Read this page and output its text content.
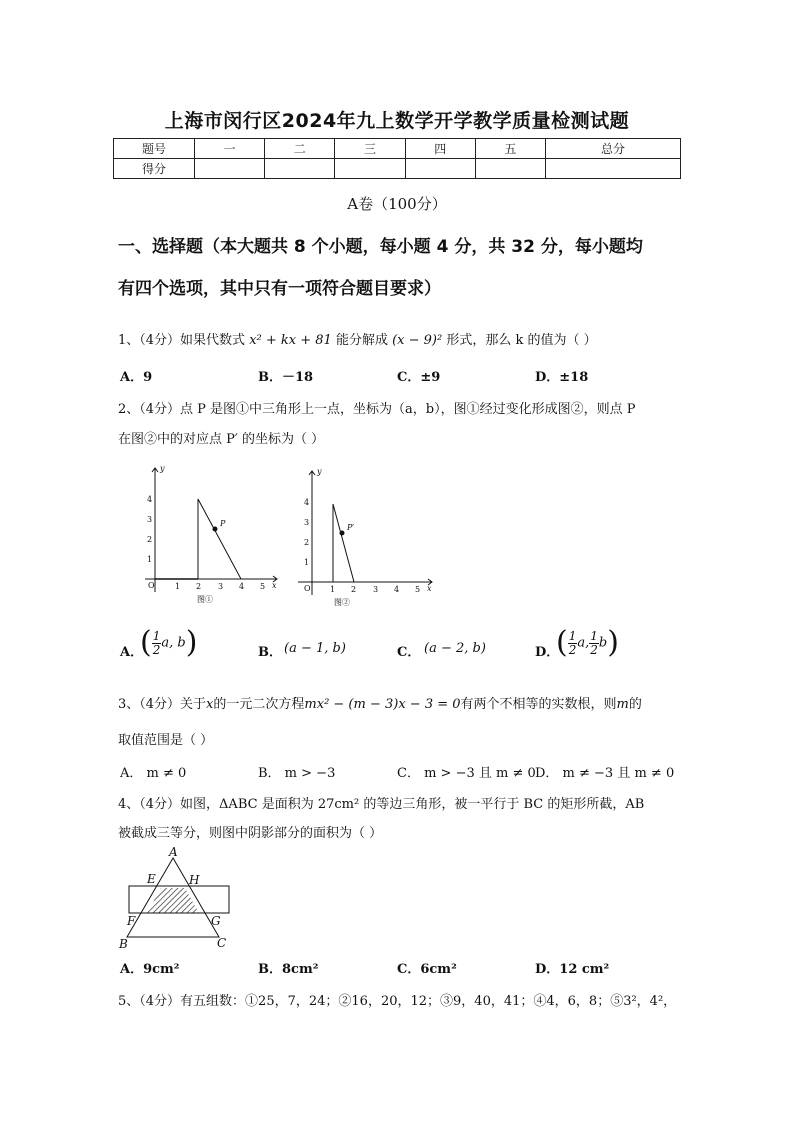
上海市闵行区2024年九上数学开学教学质量检测试题
题号	一	二	三	四	五	总分
得分						
A卷（100分）
一、选择题（本大题共 8 个小题，每小题 4 分，共 32 分，每小题均
有四个选项，其中只有一项符合题目要求）
1、（4分）如果代数式 x² + kx + 81 能分解成 (x − 9)² 形式，那么 k 的值为（ ）
A．9	B．－18	C．±9	D．±18
2、（4分）点 P 是图①中三角形上一点，坐标为（a，b），图①经过变化形成图②，则点 P
在图②中的对应点 P′ 的坐标为（ ）
O
y
x
1 2 3 4 5
1
2
3
4
P
图①
O
y
x
1 2 3 4 5
1
2
3
4
P′
图②
A．
( $\frac{1}{2} a$, b)	B． (a − 1, b)	C． (a − 2, b)	D．
( $\frac{1}{2} a$, $\frac{1}{2} b$)
3、（4分）关于x的一元二次方程mx² − (m − 3)x − 3 = 0有两个不相等的实数根，则m的
取值范围是（ ）
A． m ≠ 0	B． m > −3	C． m > −3 且 m ≠ 0 D． m ≠ −3 且 m ≠ 0
4、（4分）如图，ΔABC 是面积为 27cm² 的等边三角形，被一平行于 BC 的矩形所截，AB
被截成三等分，则图中阴影部分的面积为（ ）
A
E	H
F	G
B	C
A．9cm²	B．8cm²	C．6cm²	D．12 cm²
5、（4分）有五组数：①25，7，24；②16，20，12；③9，40，41；④4，6，8；⑤3²，4²，
